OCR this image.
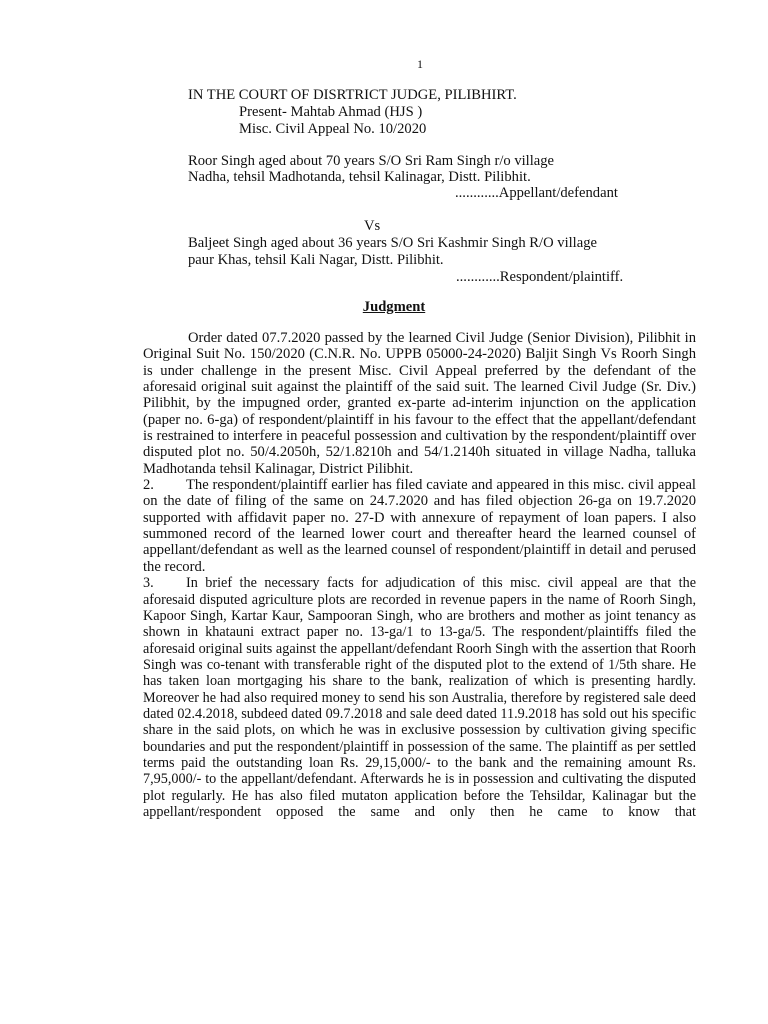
1
IN THE COURT OF DISRTRICT JUDGE, PILIBHIRT.
Present- Mahtab Ahmad (HJS )
Misc. Civil Appeal No. 10/2020
Roor Singh aged about 70 years S/O Sri Ram Singh r/o village
Nadha, tehsil Madhotanda, tehsil Kalinagar, Distt. Pilibhit.
............Appellant/defendant
Vs
Baljeet Singh aged about 36 years S/O Sri Kashmir Singh R/O village
paur Khas, tehsil Kali Nagar, Distt. Pilibhit.
............Respondent/plaintiff.
Judgment

Order dated 07.7.2020 passed by the learned Civil Judge (Senior Division), Pilibhit in Original Suit No. 150/2020 (C.N.R. No. UPPB 05000-24-2020) Baljit Singh Vs Roorh Singh is under challenge in the present Misc. Civil Appeal preferred by the defendant of the aforesaid original suit against the plaintiff of the said suit. The learned Civil Judge (Sr. Div.) Pilibhit, by the impugned order, granted ex-parte ad-interim injunction on the application (paper no. 6-ga) of respondent/plaintiff in his favour to the effect that the appellant/defendant is restrained to interfere in peaceful possession and cultivation by the respondent/plaintiff over disputed plot no. 50/4.2050h, 52/1.8210h and 54/1.2140h situated in village Nadha, talluka Madhotanda tehsil Kalinagar, District Pilibhit.

2. The respondent/plaintiff earlier has filed caviate and appeared in this misc. civil appeal on the date of filing of the same on 24.7.2020 and has filed objection 26-ga on 19.7.2020 supported with affidavit paper no. 27-D with annexure of repayment of loan papers. I also summoned record of the learned lower court and thereafter heard the learned counsel of appellant/defendant as well as the learned counsel of respondent/plaintiff in detail and perused the record.

3. In brief the necessary facts for adjudication of this misc. civil appeal are that the aforesaid disputed agriculture plots are recorded in revenue papers in the name of Roorh Singh, Kapoor Singh, Kartar Kaur, Sampooran Singh, who are brothers and mother as joint tenancy as shown in khatauni extract paper no. 13-ga/1 to 13-ga/5. The respondent/plaintiffs filed the aforesaid original suits against the appellant/defendant Roorh Singh with the assertion that Roorh Singh was co-tenant with transferable right of the disputed plot to the extend of 1/5th share. He has taken loan mortgaging his share to the bank, realization of which is presenting hardly. Moreover he had also required money to send his son Australia, therefore by registered sale deed dated 02.4.2018, subdeed dated 09.7.2018 and sale deed dated 11.9.2018 has sold out his specific share in the said plots, on which he was in exclusive possession by cultivation giving specific boundaries and put the respondent/plaintiff in possession of the same. The plaintiff as per settled terms paid the outstanding loan Rs. 29,15,000/- to the bank and the remaining amount Rs. 7,95,000/- to the appellant/defendant. Afterwards he is in possession and cultivating the disputed plot regularly. He has also filed mutaton application before the Tehsildar, Kalinagar but the appellant/respondent opposed the same and only then he came to know that
